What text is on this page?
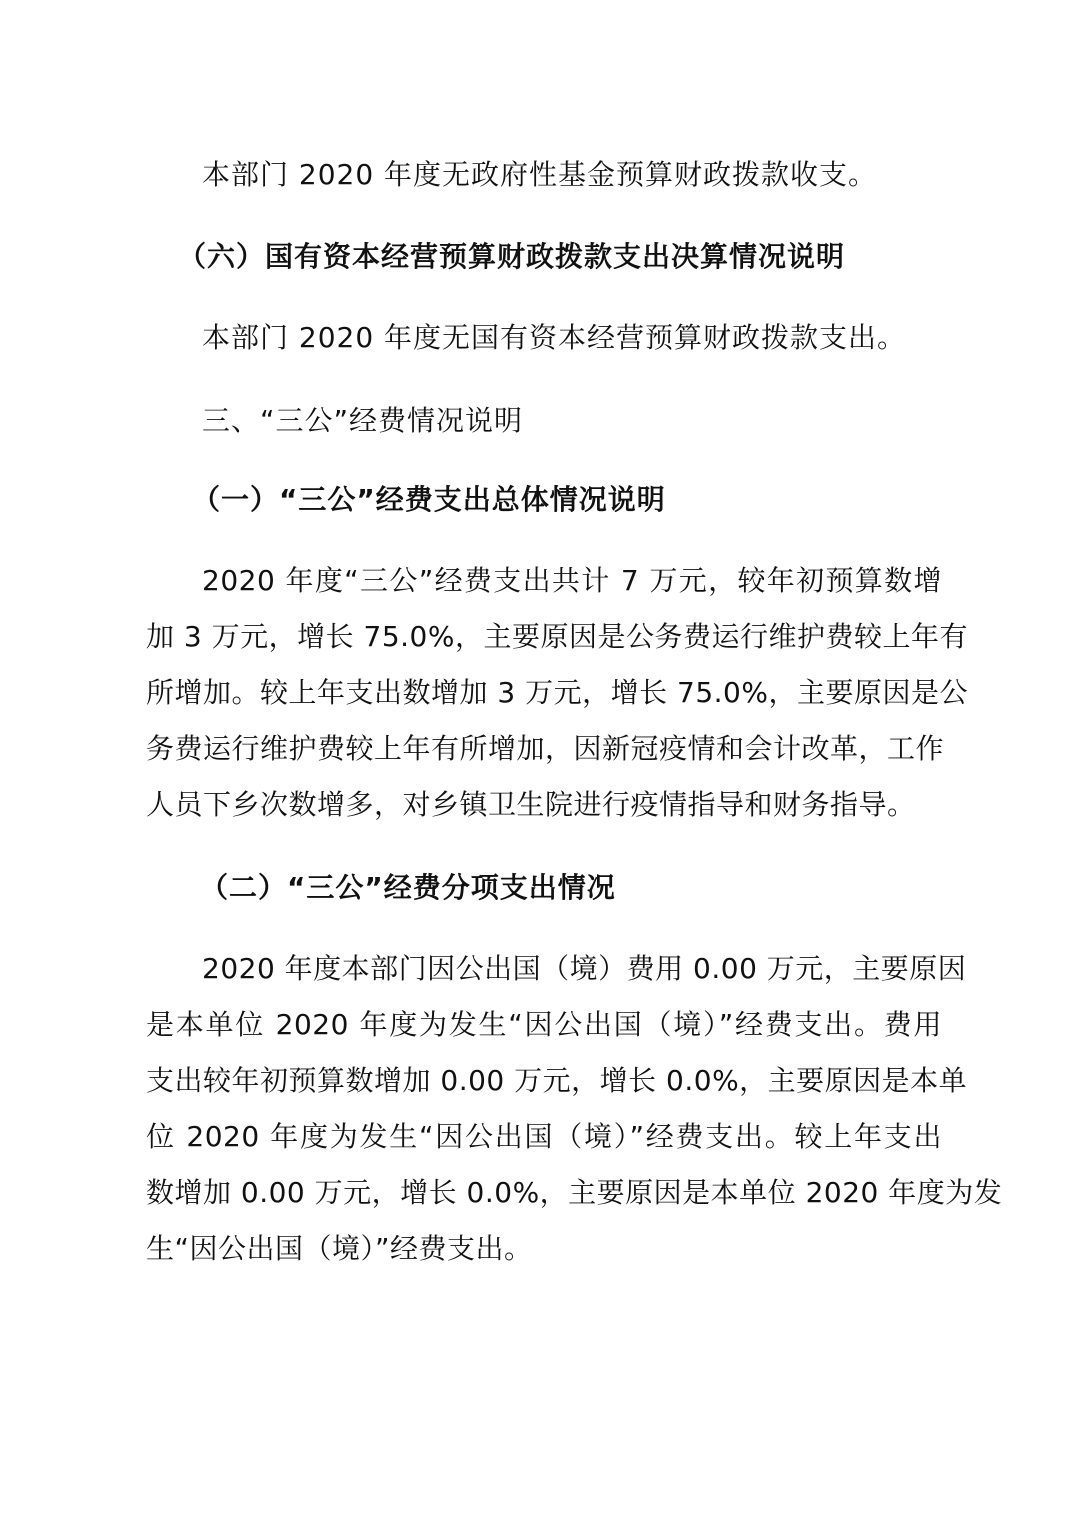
本部门 2020 年度无政府性基金预算财政拨款收支。
（六）国有资本经营预算财政拨款支出决算情况说明
本部门 2020 年度无国有资本经营预算财政拨款支出。
三、“三公”经费情况说明
（一）“三公”经费支出总体情况说明
2020 年度“三公”经费支出共计 7 万元，较年初预算数增
加 3 万元，增长 75.0%，主要原因是公务费运行维护费较上年有
所增加。较上年支出数增加 3 万元，增长 75.0%，主要原因是公
务费运行维护费较上年有所增加，因新冠疫情和会计改革，工作
人员下乡次数增多，对乡镇卫生院进行疫情指导和财务指导。
（二）“三公”经费分项支出情况
2020 年度本部门因公出国（境）费用 0.00 万元，主要原因
是本单位 2020 年度为发生“因公出国（境）”经费支出。费用
支出较年初预算数增加 0.00 万元，增长 0.0%，主要原因是本单
位 2020 年度为发生“因公出国（境）”经费支出。较上年支出
数增加 0.00 万元，增长 0.0%，主要原因是本单位 2020 年度为发
生“因公出国（境）”经费支出。
